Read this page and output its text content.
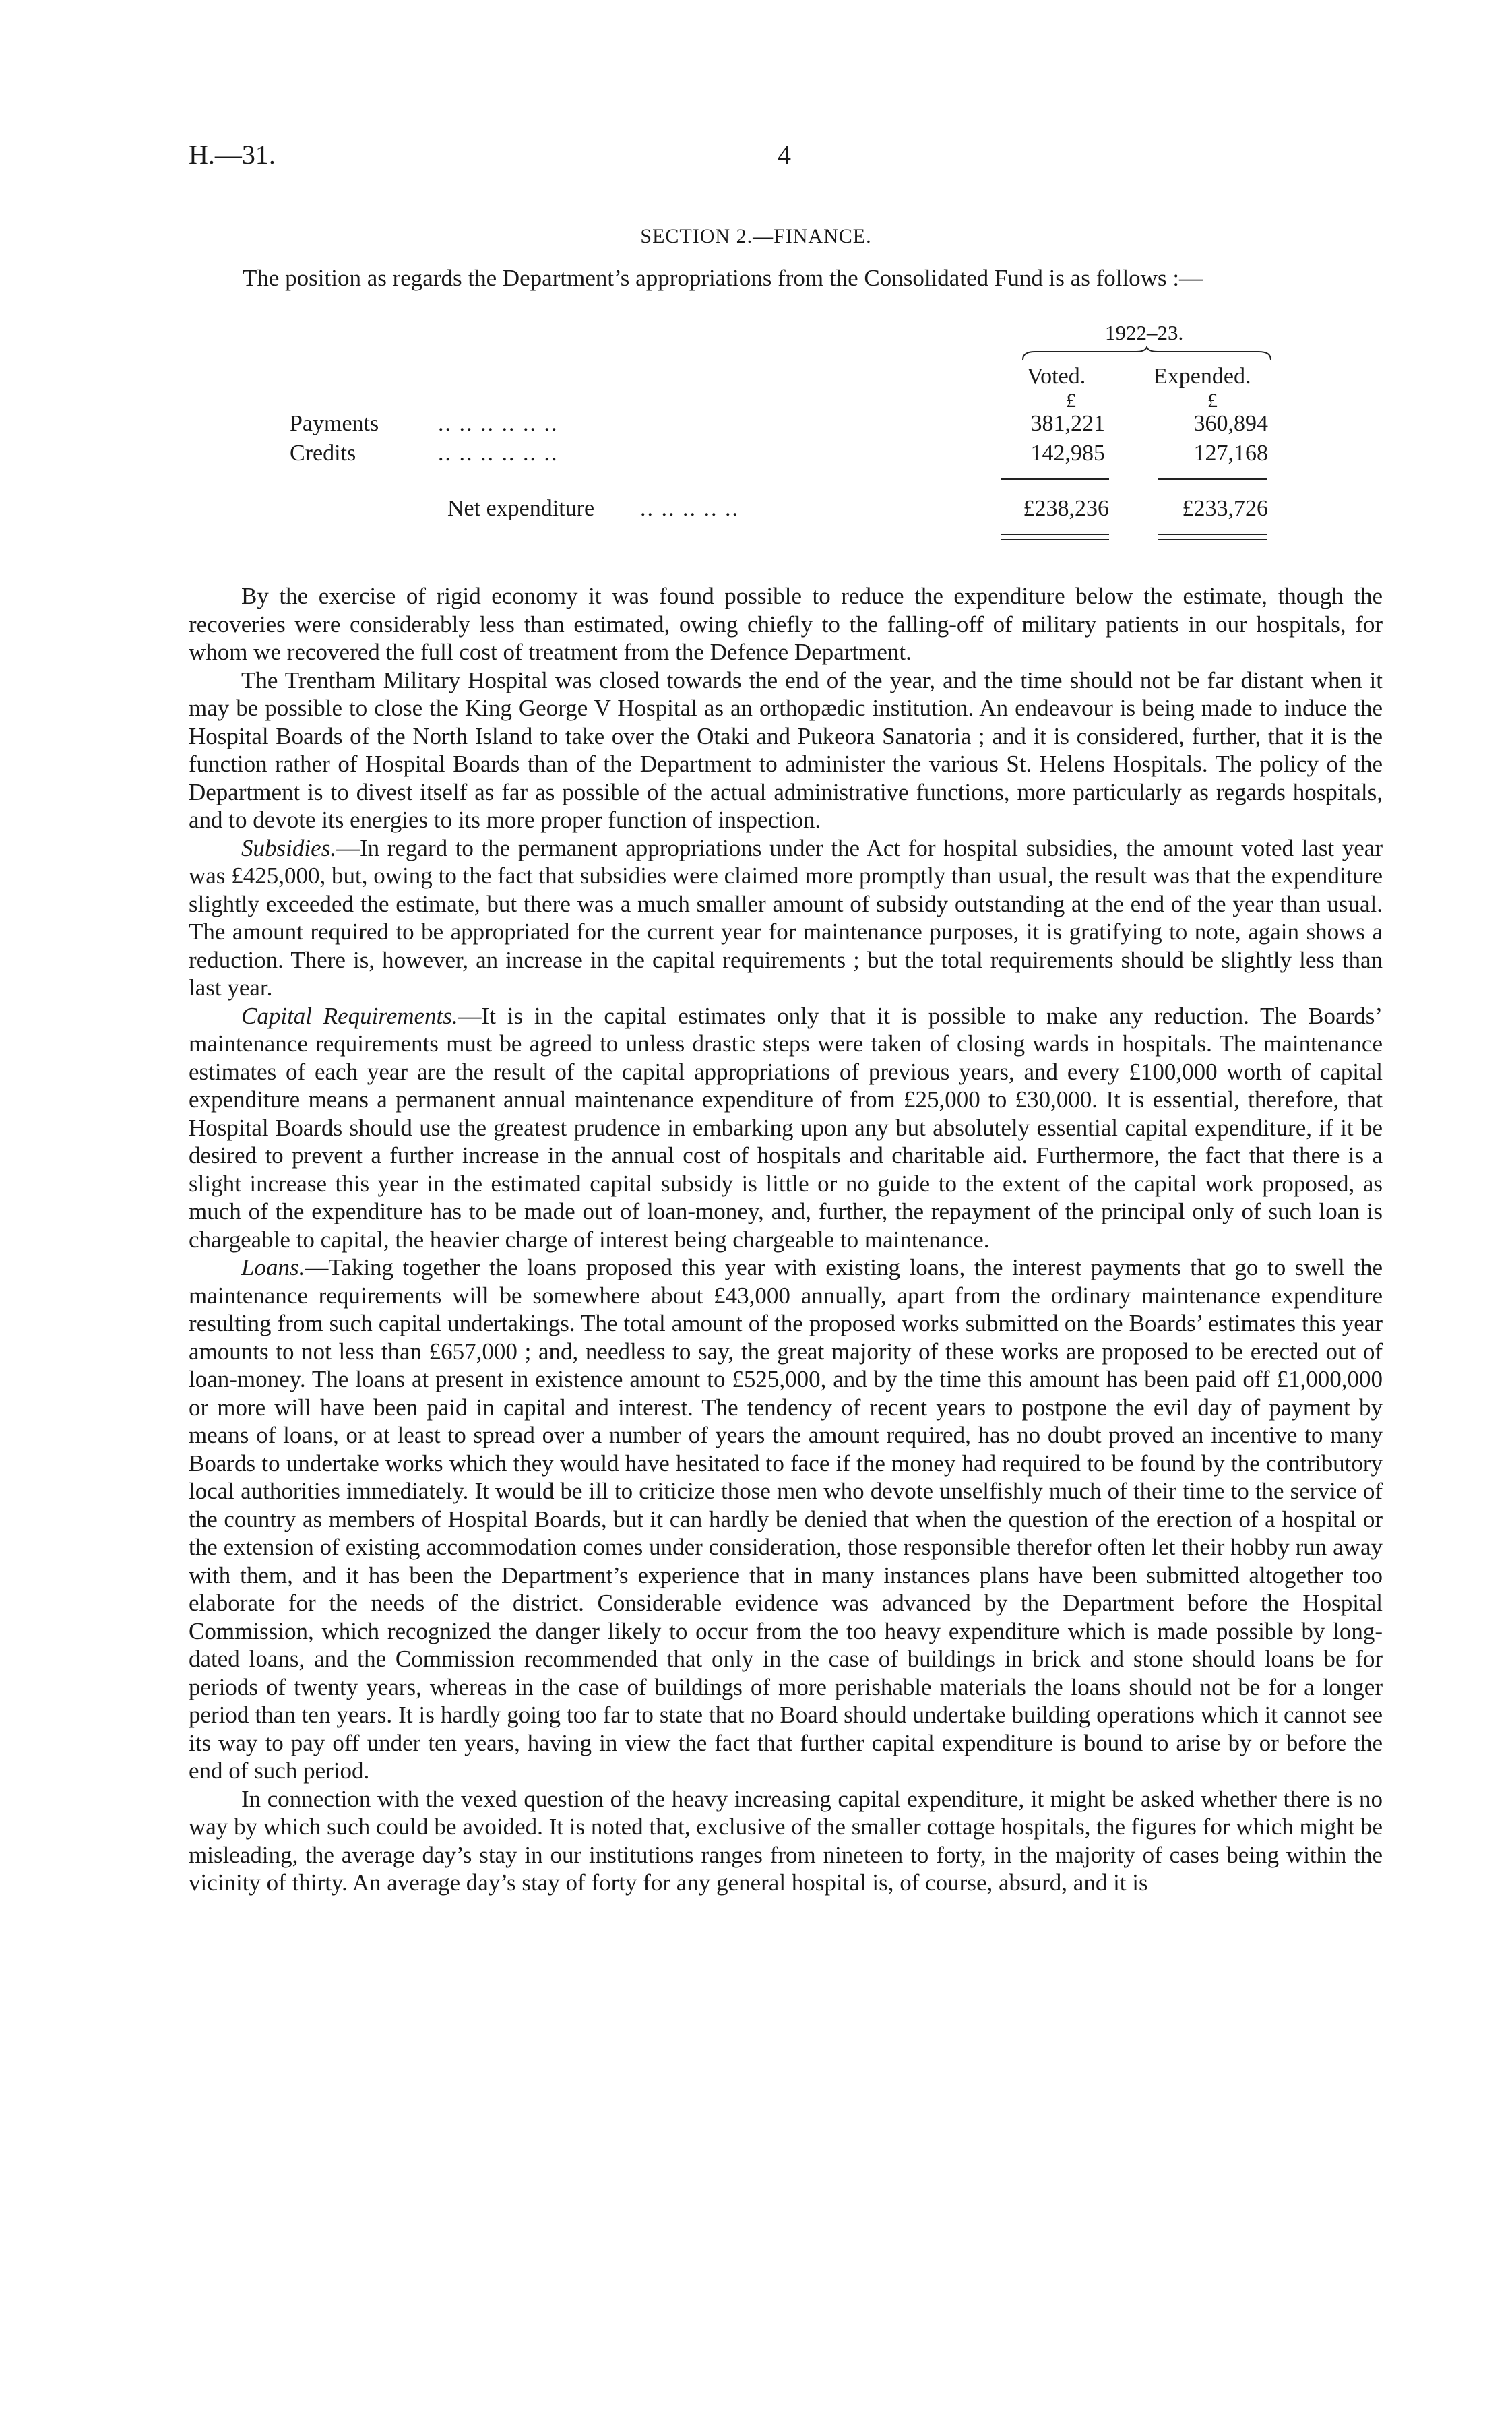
H.—31.	4
SECTION 2.—FINANCE.
The position as regards the Department’s appropriations from the Consolidated Fund is as follows :—
1922–23.
Voted.	Expended.
£	£
Payments	.. .. .. .. .. ..	381,221	360,894
Credits	.. .. .. .. .. ..	142,985	127,168
Net expenditure .. .. .. .. ..	£238,236	£233,726

By the exercise of rigid economy it was found possible to reduce the expenditure below the estimate, though the recoveries were considerably less than estimated, owing chiefly to the falling-off of military patients in our hospitals, for whom we recovered the full cost of treatment from the Defence Department.

The Trentham Military Hospital was closed towards the end of the year, and the time should not be far distant when it may be possible to close the King George V Hospital as an orthopædic institution. An endeavour is being made to induce the Hospital Boards of the North Island to take over the Otaki and Pukeora Sanatoria ; and it is considered, further, that it is the function rather of Hospital Boards than of the Department to administer the various St. Helens Hospitals. The policy of the Department is to divest itself as far as possible of the actual administrative functions, more particularly as regards hospitals, and to devote its energies to its more proper function of inspection.

Subsidies.—In regard to the permanent appropriations under the Act for hospital subsidies, the amount voted last year was £425,000, but, owing to the fact that subsidies were claimed more promptly than usual, the result was that the expenditure slightly exceeded the estimate, but there was a much smaller amount of subsidy outstanding at the end of the year than usual. The amount required to be appropriated for the current year for maintenance purposes, it is gratifying to note, again shows a reduction. There is, however, an increase in the capital requirements ; but the total requirements should be slightly less than last year.

Capital Requirements.—It is in the capital estimates only that it is possible to make any reduction. The Boards’ maintenance requirements must be agreed to unless drastic steps were taken of closing wards in hospitals. The maintenance estimates of each year are the result of the capital appropriations of previous years, and every £100,000 worth of capital expenditure means a permanent annual maintenance expenditure of from £25,000 to £30,000. It is essential, therefore, that Hospital Boards should use the greatest prudence in embarking upon any but absolutely essential capital expenditure, if it be desired to prevent a further increase in the annual cost of hospitals and charitable aid. Furthermore, the fact that there is a slight increase this year in the estimated capital subsidy is little or no guide to the extent of the capital work proposed, as much of the expenditure has to be made out of loan-money, and, further, the repayment of the principal only of such loan is chargeable to capital, the heavier charge of interest being chargeable to maintenance.

Loans.—Taking together the loans proposed this year with existing loans, the interest payments that go to swell the maintenance requirements will be somewhere about £43,000 annually, apart from the ordinary maintenance expenditure resulting from such capital undertakings. The total amount of the proposed works submitted on the Boards’ estimates this year amounts to not less than £657,000 ; and, needless to say, the great majority of these works are proposed to be erected out of loan-money. The loans at present in existence amount to £525,000, and by the time this amount has been paid off £1,000,000 or more will have been paid in capital and interest. The tendency of recent years to postpone the evil day of payment by means of loans, or at least to spread over a number of years the amount required, has no doubt proved an incentive to many Boards to undertake works which they would have hesitated to face if the money had required to be found by the contributory local authorities immediately. It would be ill to criticize those men who devote unselfishly much of their time to the service of the country as members of Hospital Boards, but it can hardly be denied that when the question of the erection of a hospital or the extension of existing accommodation comes under consideration, those responsible therefor often let their hobby run away with them, and it has been the Department’s experience that in many instances plans have been submitted altogether too elaborate for the needs of the district. Considerable evidence was advanced by the Department before the Hospital Commission, which recognized the danger likely to occur from the too heavy expenditure which is made possible by long-dated loans, and the Commission recommended that only in the case of buildings in brick and stone should loans be for periods of twenty years, whereas in the case of buildings of more perishable materials the loans should not be for a longer period than ten years. It is hardly going too far to state that no Board should undertake building operations which it cannot see its way to pay off under ten years, having in view the fact that further capital expenditure is bound to arise by or before the end of such period.

In connection with the vexed question of the heavy increasing capital expenditure, it might be asked whether there is no way by which such could be avoided. It is noted that, exclusive of the smaller cottage hospitals, the figures for which might be misleading, the average day’s stay in our institutions ranges from nineteen to forty, in the majority of cases being within the vicinity of thirty. An average day’s stay of forty for any general hospital is, of course, absurd, and it is
